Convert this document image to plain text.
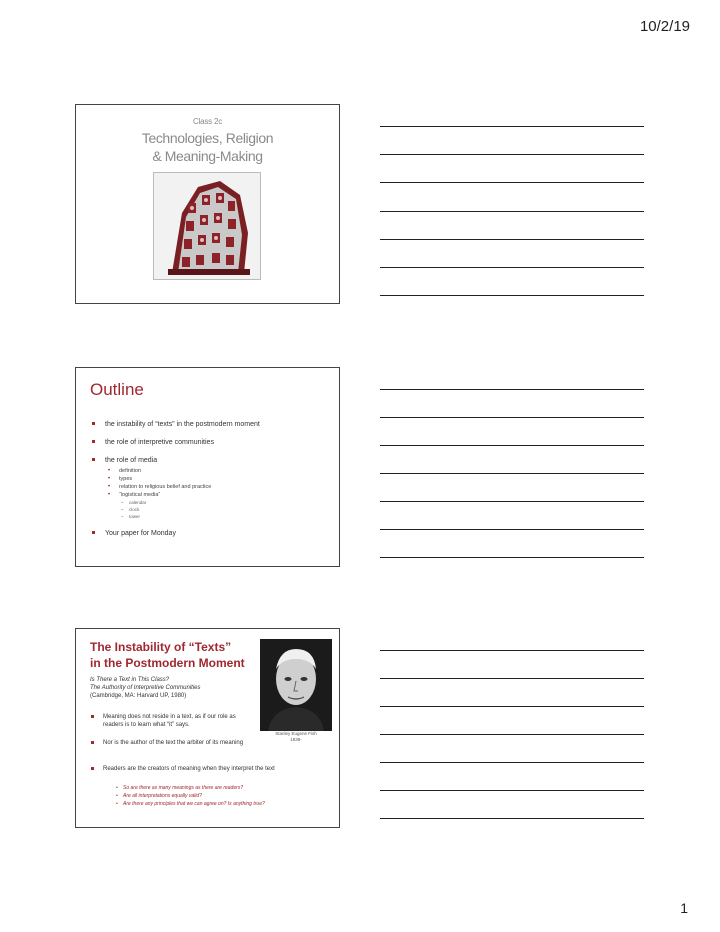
10/2/19
Class 2c
Technologies, Religion
& Meaning-Making
Outline
the instability of “texts” in the postmodern moment
the role of interpretive communities
the role of media
• definition
• types
• relation to religious belief and practice
• “logistical media”
– calendar
– clock
– tower
Your paper for Monday
The Instability of “Texts”
in the Postmodern Moment
Is There a Text in This Class?
The Authority of Interpretive Communities
(Cambridge, MA: Harvard UP, 1980)
Stanley Eugene Fish
1938-
Meaning does not reside in a text, as if our role as readers is to learn what “it” says.
Nor is the author of the text the arbiter of its meaning
Readers are the creators of meaning when they interpret the text
• So are there as many meanings as there are readers?
• Are all interpretations equally valid?
• Are there any principles that we can agree on? Is anything true?
1
